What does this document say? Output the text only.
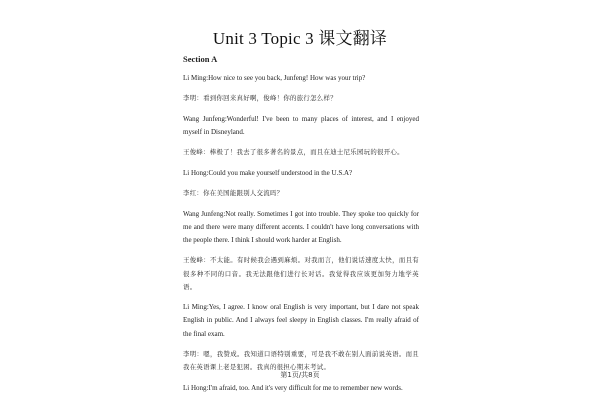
Unit 3 Topic 3 课文翻译
Section A

Li Ming:How nice to see you back, Junfeng! How was your trip?

李明：看到你回来真好啊，俊峰！你的旅行怎么样？

Wang Junfeng:Wonderful! I've been to many places of interest, and I enjoyed myself in Disneyland.

王俊峰：棒极了！我去了很多著名的景点，而且在迪士尼乐园玩的很开心。

Li Hong:Could you make yourself understood in the U.S.A?

李红：你在美国能跟别人交流吗？

Wang Junfeng:Not really. Sometimes I got into trouble. They spoke too quickly for me and there were many different accents. I couldn't have long conversations with the people there. I think I should work harder at English.

王俊峰：不太能。有时候我会遇到麻烦。对我而言，他们说话速度太快，而且有很多种不同的口音。我无法跟他们进行长对话。我觉得我应该更加努力地学英语。

Li Ming:Yes, I agree. I know oral English is very important, but I dare not speak English in public. And I always feel sleepy in English classes. I'm really afraid of the final exam.

李明：嗯，我赞成。我知道口语特别重要，可是我不敢在别人面前说英语。而且我在英语课上老是犯困。我真的很担心期末考试。

Li Hong:I'm afraid, too. And it's very difficult for me to remember new words.

第1页/共8页
